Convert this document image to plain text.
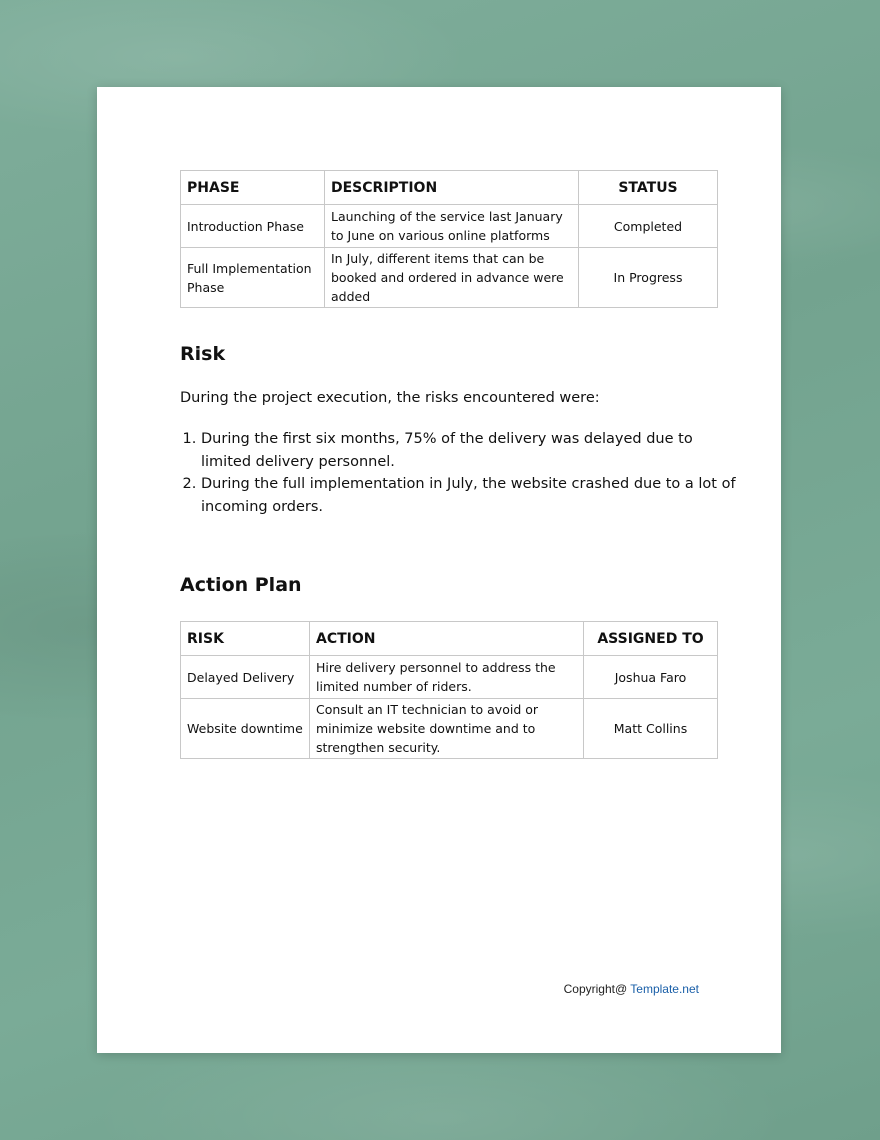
PHASE	DESCRIPTION	STATUS
Introduction Phase	Launching of the service last January to June on various online platforms	Completed
Full Implementation Phase	In July, different items that can be booked and ordered in advance were added	In Progress
Risk

During the project execution, the risks encountered were:

1. During the first six months, 75% of the delivery was delayed due to limited delivery personnel.
2. During the full implementation in July, the website crashed due to a lot of incoming orders.
Action Plan
RISK	ACTION	ASSIGNED TO
Delayed Delivery	Hire delivery personnel to address the limited number of riders.	Joshua Faro
Website downtime	Consult an IT technician to avoid or minimize website downtime and to strengthen security.	Matt Collins
Copyright@ Template.net
